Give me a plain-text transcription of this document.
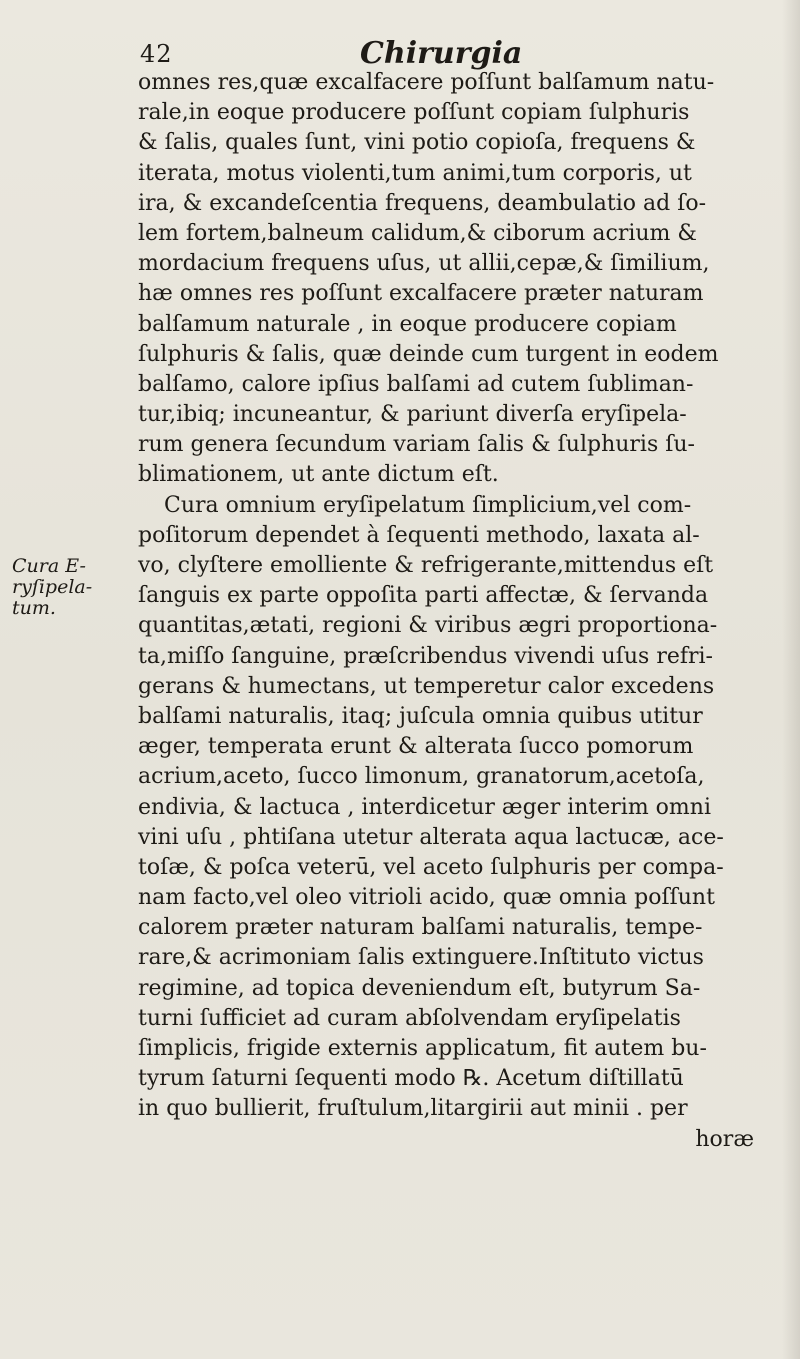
42	Chirurgia
Cura E-
ryſipela-
tum.
omnes res,quæ excalfacere poſſunt balſamum natu-
rale,in eoque producere poſſunt copiam ſulphuris
& ſalis, quales ſunt, vini potio copioſa, frequens &
iterata, motus violenti,tum animi,tum corporis, ut
ira, & excandeſcentia frequens, deambulatio ad ſo-
lem fortem,balneum calidum,& ciborum acrium &
mordacium frequens uſus, ut allii,cepæ,& ſimilium,
hæ omnes res poſſunt excalfacere præter naturam
balſamum naturale , in eoque producere copiam
ſulphuris & ſalis, quæ deinde cum turgent in eodem
balſamo, calore ipſius balſami ad cutem ſubliman-
tur,ibiq; incuneantur, & pariunt diverſa eryſipela-
rum genera ſecundum variam ſalis & ſulphuris ſu-
blimationem, ut ante dictum eſt.
Cura omnium eryſipelatum ſimplicium,vel com-
poſitorum dependet à ſequenti methodo, laxata al-
vo, clyſtere emolliente & refrigerante,mittendus eſt
ſanguis ex parte oppoſita parti affectæ, & ſervanda
quantitas,ætati, regioni & viribus ægri proportiona-
ta,miſſo ſanguine, præſcribendus vivendi uſus refri-
gerans & humectans, ut temperetur calor excedens
balſami naturalis, itaq; juſcula omnia quibus utitur
æger, temperata erunt & alterata ſucco pomorum
acrium,aceto, ſucco limonum, granatorum,acetoſa,
endivia, & lactuca , interdicetur æger interim omni
vini uſu , phtiſana utetur alterata aqua lactucæ, ace-
toſæ, & poſca veterū, vel aceto ſulphuris per compa-
nam facto,vel oleo vitrioli acido, quæ omnia poſſunt
calorem præter naturam balſami naturalis, tempe-
rare,& acrimoniam ſalis extinguere.Inſtituto victus
regimine, ad topica deveniendum eſt, butyrum Sa-
turni ſufficiet ad curam abſolvendam eryſipelatis
ſimplicis, frigide externis applicatum, fit autem bu-
tyrum ſaturni ſequenti modo ℞. Acetum diſtillatū
in quo bullierit, fruſtulum,litargirii aut minii . per
horæ
